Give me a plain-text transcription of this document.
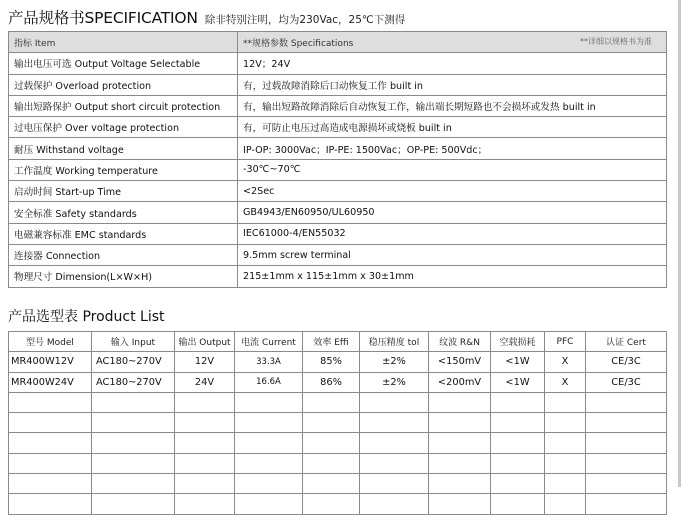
产品规格书SPECIFICATION 除非特别注明，均为230Vac，25℃下测得
指标 Item	**规格参数 Specifications **详细以规格书为准

输出电压可选 Output Voltage Selectable	12V；24V
过载保护 Overload protection	有，过载故障消除后口动恢复工作 built in
输出短路保护 Output short circuit protection	有，输出短路故障消除后自动恢复工作，输出端长期短路也不会损坏或发热 built in
过电压保护 Over voltage protection	有，可防止电压过高造成电源损坏或烧板 built in
耐压 Withstand voltage	IP-OP: 3000Vac；IP-PE: 1500Vac；OP-PE: 500Vdc；
工作温度 Working temperature	-30℃~70℃
启动时间 Start-up Time	<2Sec
安全标准 Safety standards	GB4943/EN60950/UL60950
电磁兼容标准 EMC standards	IEC61000-4/EN55032
连接器 Connection	9.5mm screw terminal
物理尺寸 Dimension(L×W×H)	215±1mm x 115±1mm x 30±1mm
产品选型表 Product List
型号 Model	输入 Input	输出 Output	电流 Current	效率 Effi	稳压精度 tol	纹波 R&N	空载损耗	PFC	认证 Cert
MR400W12V	AC180~270V	12V	33.3A	85%	±2%	<150mV	<1W	X	CE/3C
MR400W24V	AC180~270V	24V	16.6A	86%	±2%	<200mV	<1W	X	CE/3C
